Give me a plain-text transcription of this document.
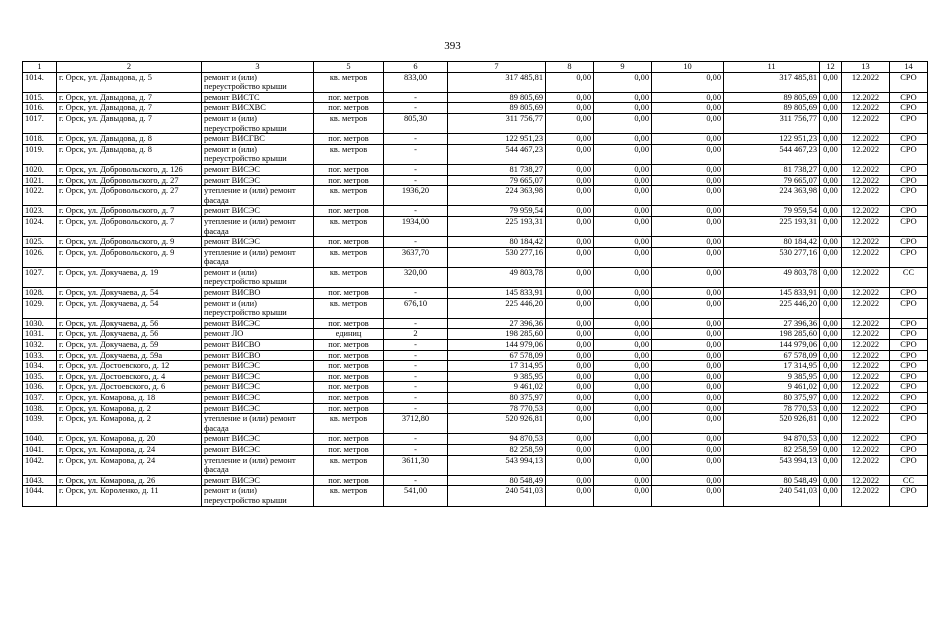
393
1	2	3	5	6	7	8	9	10	11	12	13	14
1014.	г. Орск, ул. Давыдова, д. 5	ремонт и (или) переустройство крыши	кв. метров	833,00	317 485,81	0,00	0,00	0,00	317 485,81	0,00	12.2022	СРО
1015.	г. Орск, ул. Давыдова, д. 7	ремонт ВИСТС	пог. метров	-	89 805,69	0,00	0,00	0,00	89 805,69	0,00	12.2022	СРО
1016.	г. Орск, ул. Давыдова, д. 7	ремонт ВИСХВС	пог. метров	-	89 805,69	0,00	0,00	0,00	89 805,69	0,00	12.2022	СРО
1017.	г. Орск, ул. Давыдова, д. 7	ремонт и (или) переустройство крыши	кв. метров	805,30	311 756,77	0,00	0,00	0,00	311 756,77	0,00	12.2022	СРО
1018.	г. Орск, ул. Давыдова, д. 8	ремонт ВИСГВС	пог. метров	-	122 951,23	0,00	0,00	0,00	122 951,23	0,00	12.2022	СРО
1019.	г. Орск, ул. Давыдова, д. 8	ремонт и (или) переустройство крыши	кв. метров	-	544 467,23	0,00	0,00	0,00	544 467,23	0,00	12.2022	СРО
1020.	г. Орск, ул. Добровольского, д. 126	ремонт ВИСЭС	пог. метров	-	81 738,27	0,00	0,00	0,00	81 738,27	0,00	12.2022	СРО
1021.	г. Орск, ул. Добровольского, д. 27	ремонт ВИСЭС	пог. метров	-	79 665,07	0,00	0,00	0,00	79 665,07	0,00	12.2022	СРО
1022.	г. Орск, ул. Добровольского, д. 27	утепление и (или) ремонт фасада	кв. метров	1936,20	224 363,98	0,00	0,00	0,00	224 363,98	0,00	12.2022	СРО
1023.	г. Орск, ул. Добровольского, д. 7	ремонт ВИСЭС	пог. метров	-	79 959,54	0,00	0,00	0,00	79 959,54	0,00	12.2022	СРО
1024.	г. Орск, ул. Добровольского, д. 7	утепление и (или) ремонт фасада	кв. метров	1934,00	225 193,31	0,00	0,00	0,00	225 193,31	0,00	12.2022	СРО
1025.	г. Орск, ул. Добровольского, д. 9	ремонт ВИСЭС	пог. метров	-	80 184,42	0,00	0,00	0,00	80 184,42	0,00	12.2022	СРО
1026.	г. Орск, ул. Добровольского, д. 9	утепление и (или) ремонт фасада	кв. метров	3637,70	530 277,16	0,00	0,00	0,00	530 277,16	0,00	12.2022	СРО
1027.	г. Орск, ул. Докучаева, д. 19	ремонт и (или) переустройство крыши	кв. метров	320,00	49 803,78	0,00	0,00	0,00	49 803,78	0,00	12.2022	СС
1028.	г. Орск, ул. Докучаева, д. 54	ремонт ВИСВО	пог. метров	-	145 833,91	0,00	0,00	0,00	145 833,91	0,00	12.2022	СРО
1029.	г. Орск, ул. Докучаева, д. 54	ремонт и (или) переустройство крыши	кв. метров	676,10	225 446,20	0,00	0,00	0,00	225 446,20	0,00	12.2022	СРО
1030.	г. Орск, ул. Докучаева, д. 56	ремонт ВИСЭС	пог. метров	-	27 396,36	0,00	0,00	0,00	27 396,36	0,00	12.2022	СРО
1031.	г. Орск, ул. Докучаева, д. 56	ремонт ЛО	единиц	2	198 285,60	0,00	0,00	0,00	198 285,60	0,00	12.2022	СРО
1032.	г. Орск, ул. Докучаева, д. 59	ремонт ВИСВО	пог. метров	-	144 979,06	0,00	0,00	0,00	144 979,06	0,00	12.2022	СРО
1033.	г. Орск, ул. Докучаева, д. 59а	ремонт ВИСВО	пог. метров	-	67 578,09	0,00	0,00	0,00	67 578,09	0,00	12.2022	СРО
1034.	г. Орск, ул. Достоевского, д. 12	ремонт ВИСЭС	пог. метров	-	17 314,95	0,00	0,00	0,00	17 314,95	0,00	12.2022	СРО
1035.	г. Орск, ул. Достоевского, д. 4	ремонт ВИСЭС	пог. метров	-	9 385,95	0,00	0,00	0,00	9 385,95	0,00	12.2022	СРО
1036.	г. Орск, ул. Достоевского, д. 6	ремонт ВИСЭС	пог. метров	-	9 461,02	0,00	0,00	0,00	9 461,02	0,00	12.2022	СРО
1037.	г. Орск, ул. Комарова, д. 18	ремонт ВИСЭС	пог. метров	-	80 375,97	0,00	0,00	0,00	80 375,97	0,00	12.2022	СРО
1038.	г. Орск, ул. Комарова, д. 2	ремонт ВИСЭС	пог. метров	-	78 770,53	0,00	0,00	0,00	78 770,53	0,00	12.2022	СРО
1039.	г. Орск, ул. Комарова, д. 2	утепление и (или) ремонт фасада	кв. метров	3712,80	520 926,81	0,00	0,00	0,00	520 926,81	0,00	12.2022	СРО
1040.	г. Орск, ул. Комарова, д. 20	ремонт ВИСЭС	пог. метров	-	94 870,53	0,00	0,00	0,00	94 870,53	0,00	12.2022	СРО
1041.	г. Орск, ул. Комарова, д. 24	ремонт ВИСЭС	пог. метров	-	82 258,59	0,00	0,00	0,00	82 258,59	0,00	12.2022	СРО
1042.	г. Орск, ул. Комарова, д. 24	утепление и (или) ремонт фасада	кв. метров	3611,30	543 994,13	0,00	0,00	0,00	543 994,13	0,00	12.2022	СРО
1043.	г. Орск, ул. Комарова, д. 26	ремонт ВИСЭС	пог. метров	-	80 548,49	0,00	0,00	0,00	80 548,49	0,00	12.2022	СС
1044.	г. Орск, ул. Короленко, д. 11	ремонт и (или) переустройство крыши	кв. метров	541,00	240 541,03	0,00	0,00	0,00	240 541,03	0,00	12.2022	СРО
